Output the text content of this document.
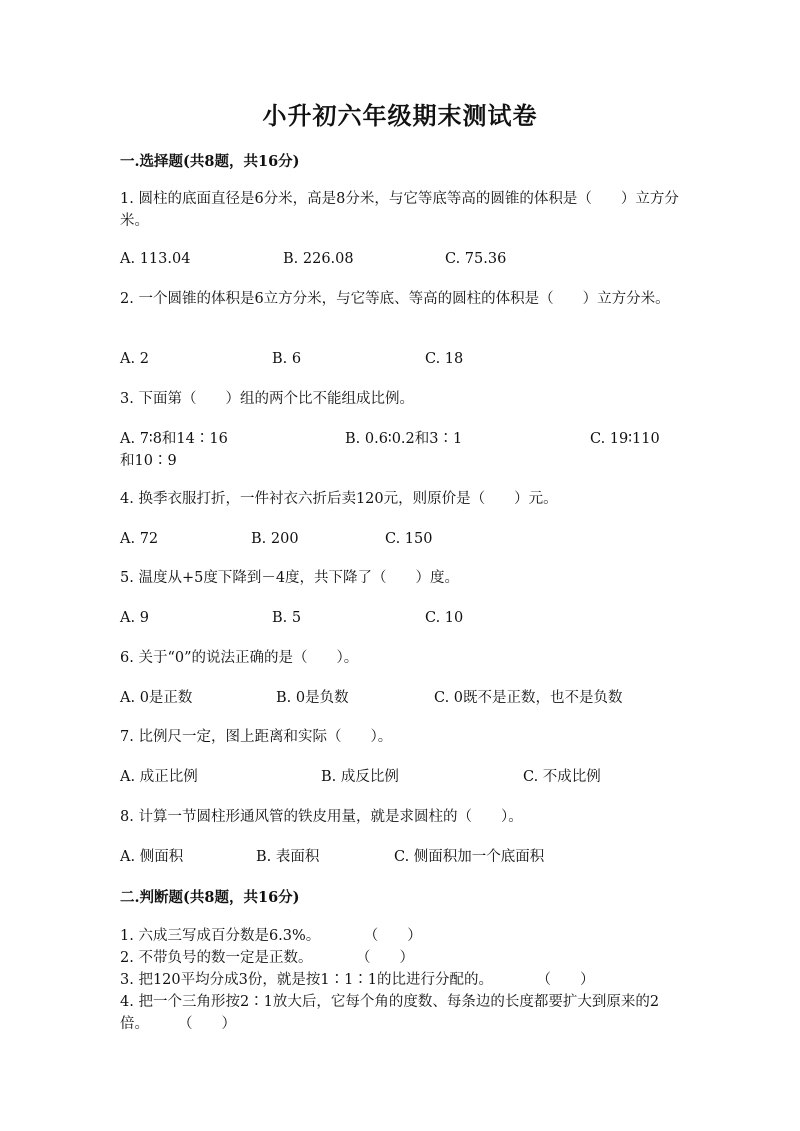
小升初六年级期末测试卷
一.选择题(共8题，共16分)
1. 圆柱的底面直径是6分米，高是8分米，与它等底等高的圆锥的体积是（　　）立方分米。
A. 113.04	B. 226.08	C. 75.36
2. 一个圆锥的体积是6立方分米，与它等底、等高的圆柱的体积是（　　）立方分米。
A. 2	B. 6	C. 18
3. 下面第（　　）组的两个比不能组成比例。
A. 7∶8和14∶16	B. 0.6∶0.2和3∶1	C. 19∶110
和10∶9
4. 换季衣服打折，一件衬衣六折后卖120元，则原价是（　　）元。
A. 72	B. 200	C. 150
5. 温度从+5度下降到－4度，共下降了（　　）度。
A. 9	B. 5	C. 10
6. 关于“0”的说法正确的是（　　）。
A. 0是正数	B. 0是负数	C. 0既不是正数，也不是负数
7. 比例尺一定，图上距离和实际（　　）。
A. 成正比例	B. 成反比例	C. 不成比例
8. 计算一节圆柱形通风管的铁皮用量，就是求圆柱的（　　）。
A. 侧面积	B. 表面积	C. 侧面积加一个底面积
二.判断题(共8题，共16分)
1. 六成三写成百分数是6.3%。　　　　（　　）
2. 不带负号的数一定是正数。　　　　（　　）
3. 把120平均分成3份，就是按1∶1∶1的比进行分配的。　　　　（　　）
4. 把一个三角形按2∶1放大后，它每个角的度数、每条边的长度都要扩大到原来的2倍。　　　（　　）
